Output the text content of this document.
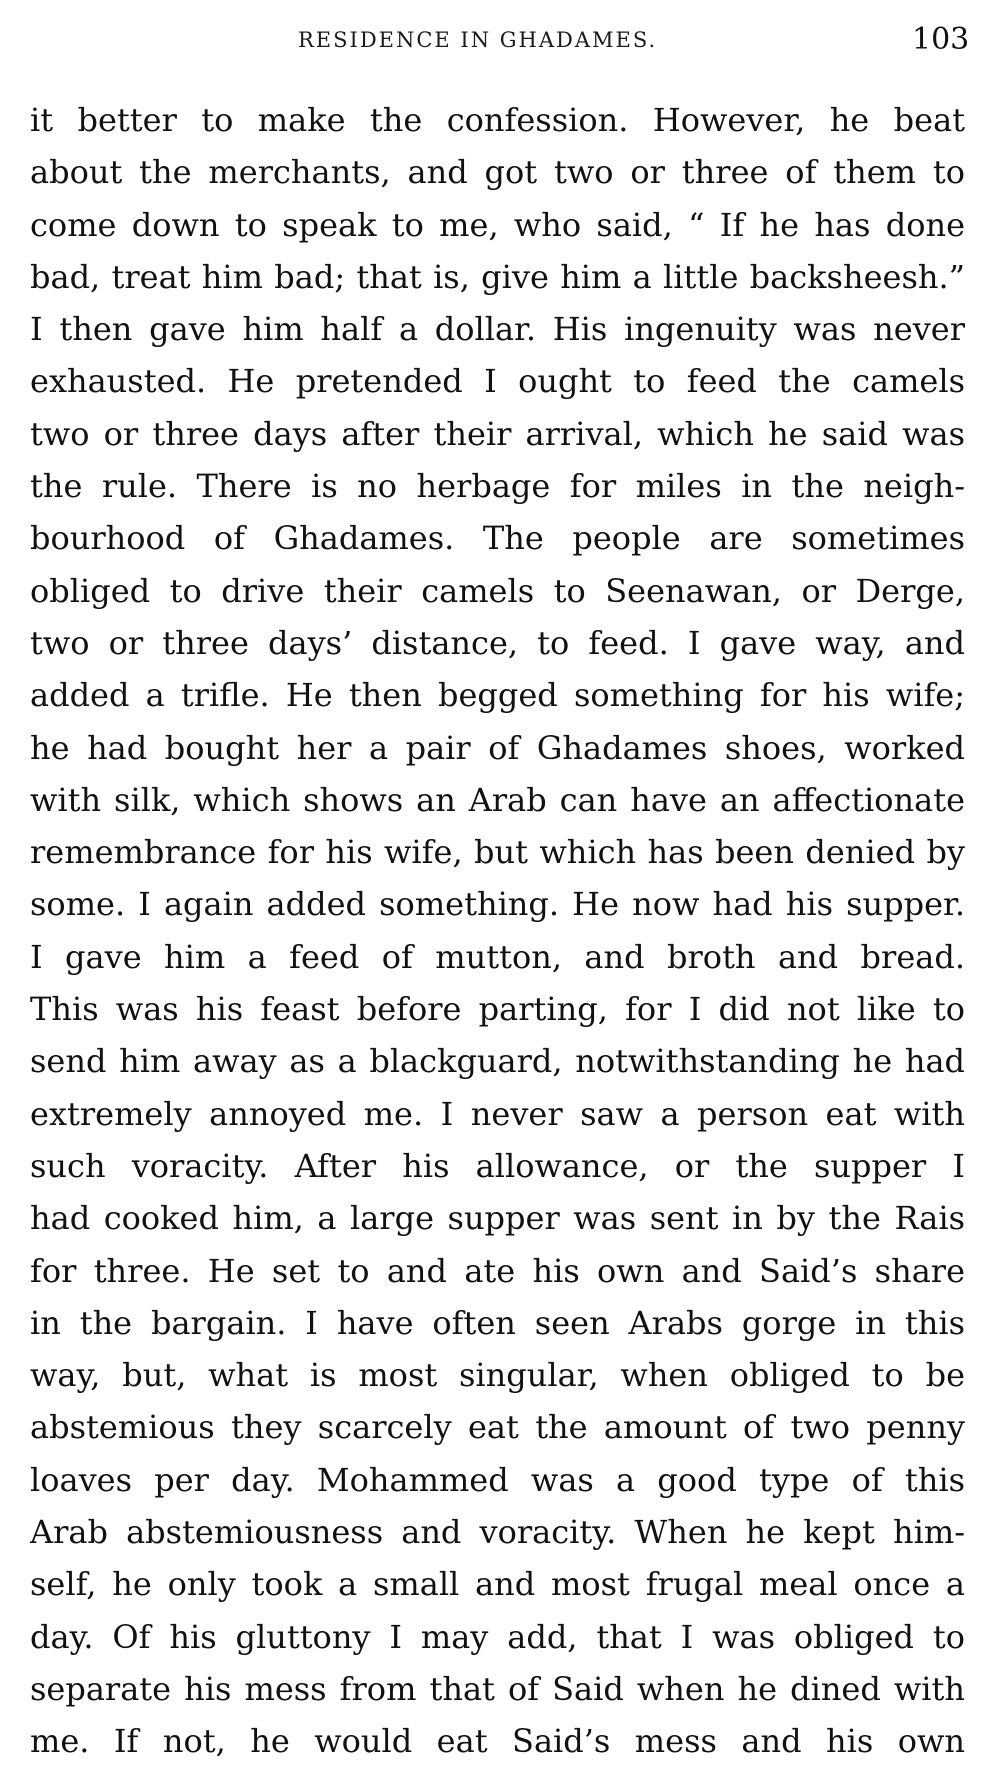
RESIDENCE IN GHADAMES.	103
it better to make the confession. However, he beat
about the merchants, and got two or three of them to
come down to speak to me, who said, “ If he has done
bad, treat him bad; that is, give him a little backsheesh.”
I then gave him half a dollar. His ingenuity was never
exhausted. He pretended I ought to feed the camels
two or three days after their arrival, which he said was
the rule. There is no herbage for miles in the neigh-
bourhood of Ghadames. The people are sometimes
obliged to drive their camels to Seenawan, or Derge,
two or three days’ distance, to feed. I gave way, and
added a trifle. He then begged something for his wife;
he had bought her a pair of Ghadames shoes, worked
with silk, which shows an Arab can have an affectionate
remembrance for his wife, but which has been denied by
some. I again added something. He now had his supper.
I gave him a feed of mutton, and broth and bread.
This was his feast before parting, for I did not like to
send him away as a blackguard, notwithstanding he had
extremely annoyed me. I never saw a person eat with
such voracity. After his allowance, or the supper I
had cooked him, a large supper was sent in by the Rais
for three. He set to and ate his own and Said’s share
in the bargain. I have often seen Arabs gorge in this
way, but, what is most singular, when obliged to be
abstemious they scarcely eat the amount of two penny
loaves per day. Mohammed was a good type of this
Arab abstemiousness and voracity. When he kept him-
self, he only took a small and most frugal meal once a
day. Of his gluttony I may add, that I was obliged to
separate his mess from that of Said when he dined with
me. If not, he would eat Said’s mess and his own
